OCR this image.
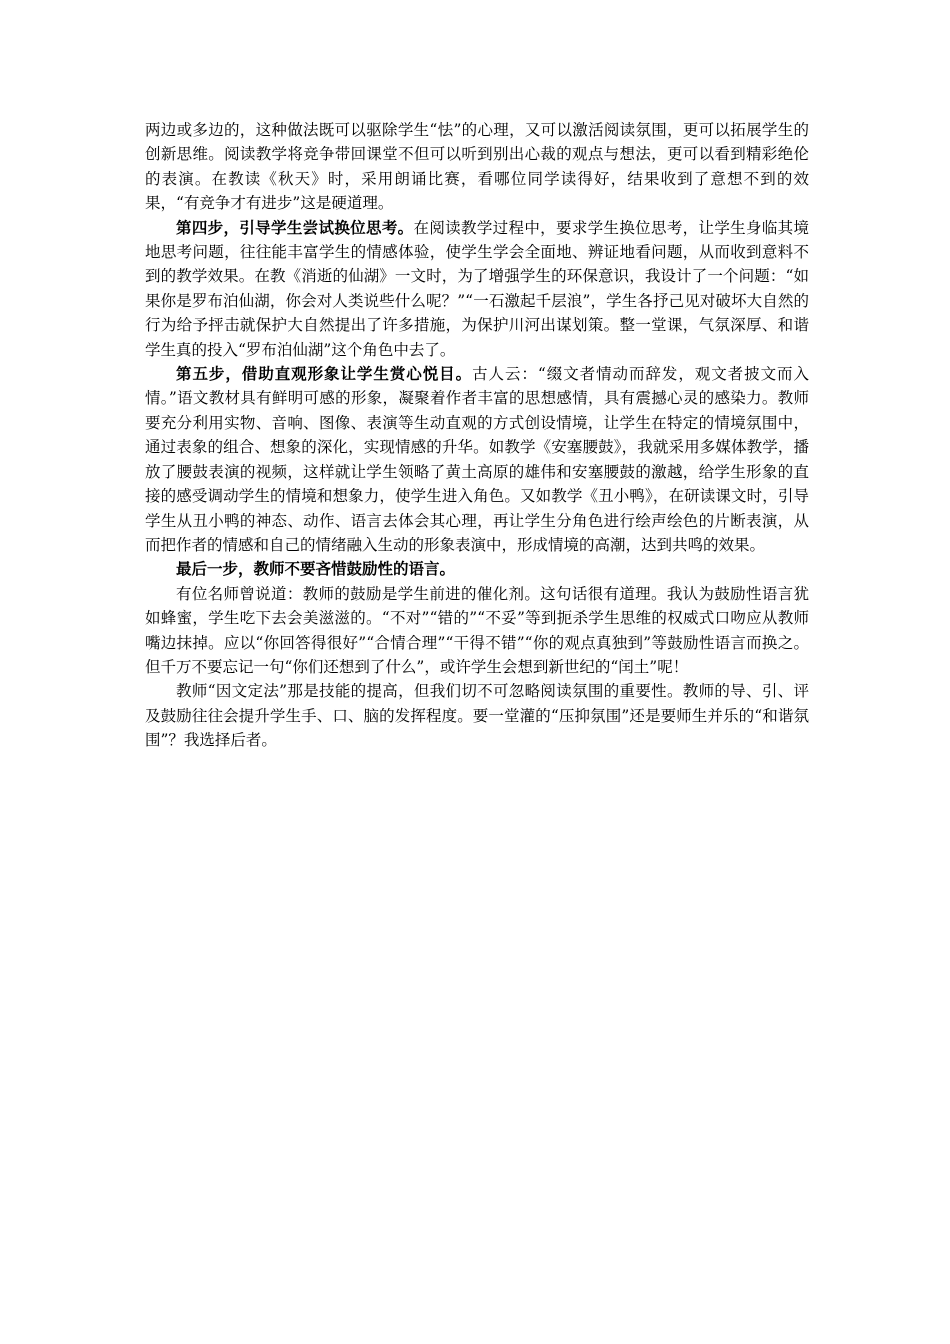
两边或多边的，这种做法既可以驱除学生“怯”的心理，又可以激活阅读氛围，更可以拓展学生的创新思维。阅读教学将竞争带回课堂不但可以听到别出心裁的观点与想法，更可以看到精彩绝伦的表演。在教读《秋天》时，采用朗诵比赛，看哪位同学读得好，结果收到了意想不到的效果，“有竞争才有进步”这是硬道理。

第四步，引导学生尝试换位思考。在阅读教学过程中，要求学生换位思考，让学生身临其境地思考问题，往往能丰富学生的情感体验，使学生学会全面地、辨证地看问题，从而收到意料不到的教学效果。在教《消逝的仙湖》一文时，为了增强学生的环保意识，我设计了一个问题：“如果你是罗布泊仙湖，你会对人类说些什么呢？”“一石激起千层浪”，学生各抒己见对破坏大自然的行为给予抨击就保护大自然提出了许多措施，为保护川河出谋划策。整一堂课，气氛深厚、和谐学生真的投入“罗布泊仙湖”这个角色中去了。

第五步，借助直观形象让学生赏心悦目。古人云：“缀文者情动而辞发，观文者披文而入情。”语文教材具有鲜明可感的形象，凝聚着作者丰富的思想感情，具有震撼心灵的感染力。教师要充分利用实物、音响、图像、表演等生动直观的方式创设情境，让学生在特定的情境氛围中，通过表象的组合、想象的深化，实现情感的升华。如教学《安塞腰鼓》，我就采用多媒体教学，播放了腰鼓表演的视频，这样就让学生领略了黄土高原的雄伟和安塞腰鼓的激越，给学生形象的直接的感受调动学生的情境和想象力，使学生进入角色。又如教学《丑小鸭》，在研读课文时，引导学生从丑小鸭的神态、动作、语言去体会其心理，再让学生分角色进行绘声绘色的片断表演，从而把作者的情感和自己的情绪融入生动的形象表演中，形成情境的高潮，达到共鸣的效果。

最后一步，教师不要吝惜鼓励性的语言。

有位名师曾说道：教师的鼓励是学生前进的催化剂。这句话很有道理。我认为鼓励性语言犹如蜂蜜，学生吃下去会美滋滋的。“不对”“错的”“不妥”等到扼杀学生思维的权威式口吻应从教师嘴边抹掉。应以“你回答得很好”“合情合理”“干得不错”“你的观点真独到”等鼓励性语言而换之。但千万不要忘记一句“你们还想到了什么”，或许学生会想到新世纪的“闰土”呢！

教师“因文定法”那是技能的提高，但我们切不可忽略阅读氛围的重要性。教师的导、引、评及鼓励往往会提升学生手、口、脑的发挥程度。要一堂灌的“压抑氛围”还是要师生并乐的“和谐氛围”？我选择后者。
